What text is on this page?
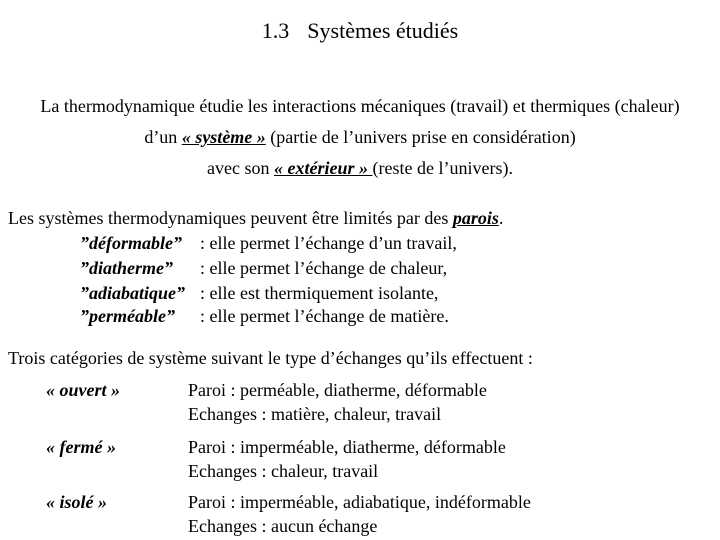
1.3 Systèmes étudiés
La thermodynamique étudie les interactions mécaniques (travail) et thermiques (chaleur)
d’un « système » (partie de l’univers prise en considération)
avec son « extérieur » (reste de l’univers).
Les systèmes thermodynamiques peuvent être limités par des parois.
”déformable” : elle permet l’échange d’un travail,
”diatherme” : elle permet l’échange de chaleur,
”adiabatique” : elle est thermiquement isolante,
”perméable” : elle permet l’échange de matière.
Trois catégories de système suivant le type d’échanges qu’ils effectuent :
« ouvert »	Paroi : perméable, diatherme, déformable
Echanges : matière, chaleur, travail
« fermé »	Paroi : imperméable, diatherme, déformable
Echanges : chaleur, travail
« isolé »	Paroi : imperméable, adiabatique, indéformable
Echanges : aucun échange
